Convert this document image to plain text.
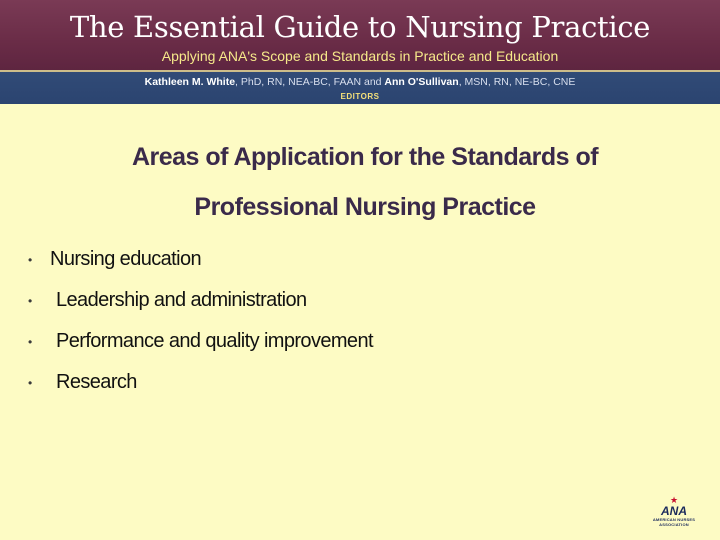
The Essential Guide to Nursing Practice
Applying ANA's Scope and Standards in Practice and Education
Kathleen M. White, PhD, RN, NEA-BC, FAAN and Ann O'Sullivan, MSN, RN, NE-BC, CNE
EDITORS
Areas of Application for the Standards of
Professional Nursing Practice
• Nursing education
• Leadership and administration
• Performance and quality improvement
• Research
★
ANA
AMERICAN NURSES
ASSOCIATION
